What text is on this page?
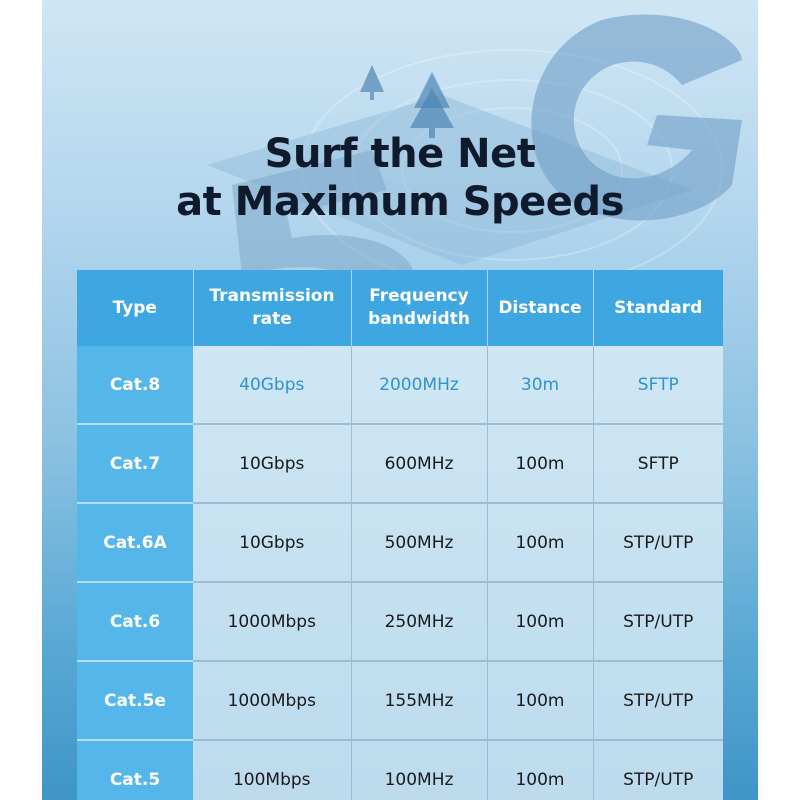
Surf the Net
at Maximum Speeds
Type	Transmission rate	Frequency bandwidth	Distance	Standard
Cat.8	40Gbps	2000MHz	30m	SFTP
Cat.7	10Gbps	600MHz	100m	SFTP
Cat.6A	10Gbps	500MHz	100m	STP/UTP
Cat.6	1000Mbps	250MHz	100m	STP/UTP
Cat.5e	1000Mbps	155MHz	100m	STP/UTP
Cat.5	100Mbps	100MHz	100m	STP/UTP
